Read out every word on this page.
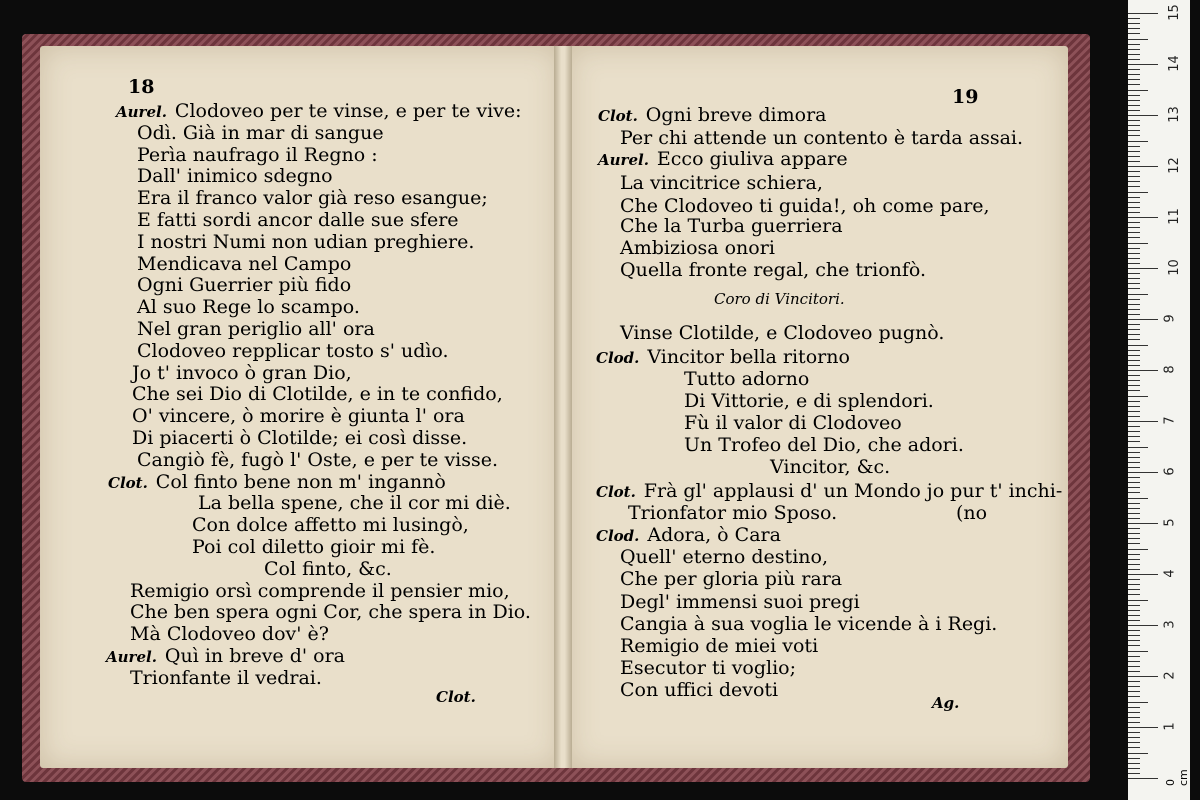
Aurel. Clodoveo per te vinse, e per te vive:
Odì. Già in mar di sangue
Perìa naufrago il Regno :
Dall' inimico sdegno
Era il franco valor già reso esangue;
E fatti sordi ancor dalle sue sfere
I nostri Numi non udian preghiere.
Mendicava nel Campo
Ogni Guerrier più fido
Al suo Rege lo scampo.
Nel gran periglio all' ora
Clodoveo repplicar tosto s' udìo.
Jo t' invoco ò gran Dio,
Che sei Dio di Clotilde, e in te confido,
O' vincere, ò morire è giunta l' ora
Di piacerti ò Clotilde; ei così disse.
Cangiò fè, fugò l' Oste, e per te visse.
Clot. Col finto bene non m' ingannò
La bella spene, che il cor mi diè.
Con dolce affetto mi lusingò,
Poi col diletto gioir mi fè.
Col finto, &c.
Remigio orsì comprende il pensier mio,
Che ben spera ogni Cor, che spera in Dio.
Mà Clodoveo dov' è?
Aurel. Quì in breve d' ora
Trionfante il vedrai.
Clot. Ogni breve dimora
Per chi attende un contento è tarda assai.
Aurel. Ecco giuliva appare
La vincitrice schiera,
Che Clodoveo ti guida!, oh come pare,
Che la Turba guerriera
Ambiziosa onori
Quella fronte regal, che trionfò.
Vinse Clotilde, e Clodoveo pugnò.
Clod. Vincitor bella ritorno
Tutto adorno
Di Vittorie, e di splendori.
Fù il valor di Clodoveo
Un Trofeo del Dio, che adori.
Vincitor, &c.
Clot. Frà gl' applausi d' un Mondo jo pur t' inchi-
Trionfator mio Sposo.	(no
Clod. Adora, ò Cara
Quell' eterno destino,
Che per gloria più rara
Degl' immensi suoi pregi
Cangia à sua voglia le vicende à i Regi.
Remigio de miei voti
Esecutor ti voglio;
Con uffici devoti
18	19
Clot.	Ag.
Coro di Vincitori.
0 cm
1
2
3
4
5
6
7
8
9
10
11
12
13
14
15
